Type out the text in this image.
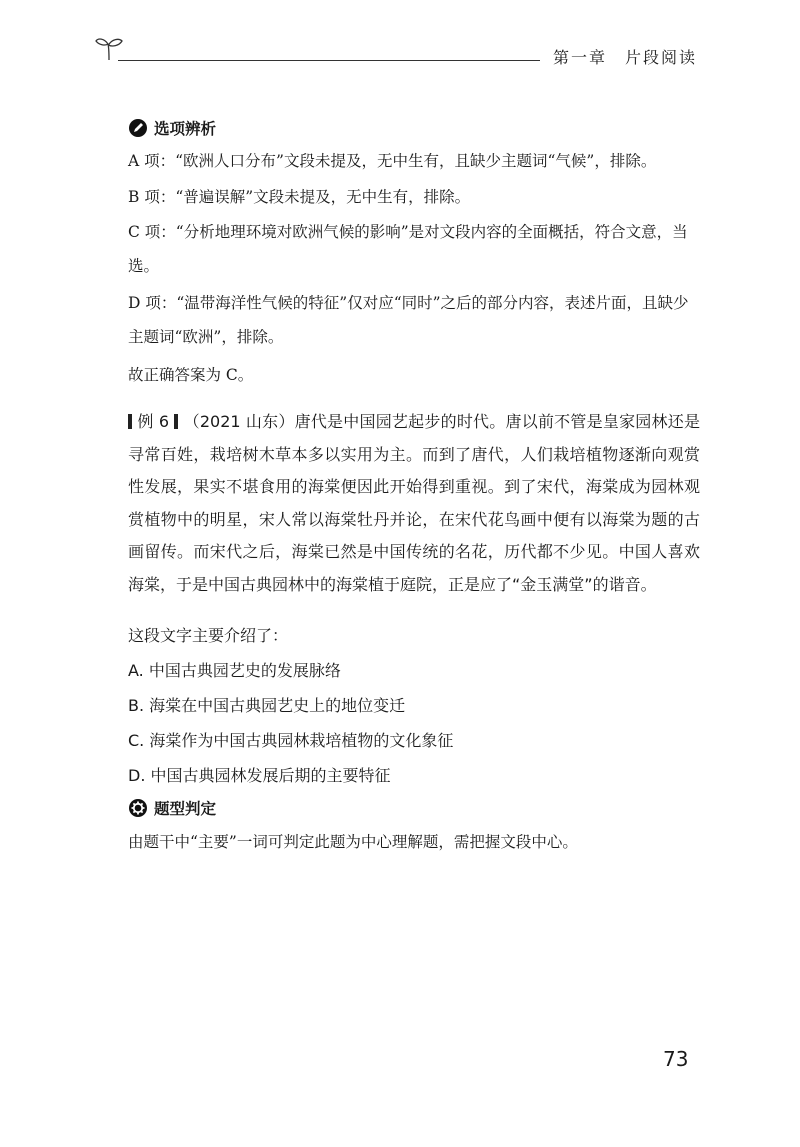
第一章　片段阅读
选项辨析
A 项：“欧洲人口分布”文段未提及，无中生有，且缺少主题词“气候”，排除。
B 项：“普遍误解”文段未提及，无中生有，排除。
C 项：“分析地理环境对欧洲气候的影响”是对文段内容的全面概括，符合文意，当选。
D 项：“温带海洋性气候的特征”仅对应“同时”之后的部分内容，表述片面，且缺少主题词“欧洲”，排除。
故正确答案为 C。
例 6 （2021 山东）唐代是中国园艺起步的时代。唐以前不管是皇家园林还是寻常百姓，栽培树木草本多以实用为主。而到了唐代，人们栽培植物逐渐向观赏性发展，果实不堪食用的海棠便因此开始得到重视。到了宋代，海棠成为园林观赏植物中的明星，宋人常以海棠牡丹并论，在宋代花鸟画中便有以海棠为题的古画留传。而宋代之后，海棠已然是中国传统的名花，历代都不少见。中国人喜欢海棠，于是中国古典园林中的海棠植于庭院，正是应了“金玉满堂”的谐音。
这段文字主要介绍了：
A. 中国古典园艺史的发展脉络
B. 海棠在中国古典园艺史上的地位变迁
C. 海棠作为中国古典园林栽培植物的文化象征
D. 中国古典园林发展后期的主要特征
题型判定
由题干中“主要”一词可判定此题为中心理解题，需把握文段中心。
73
